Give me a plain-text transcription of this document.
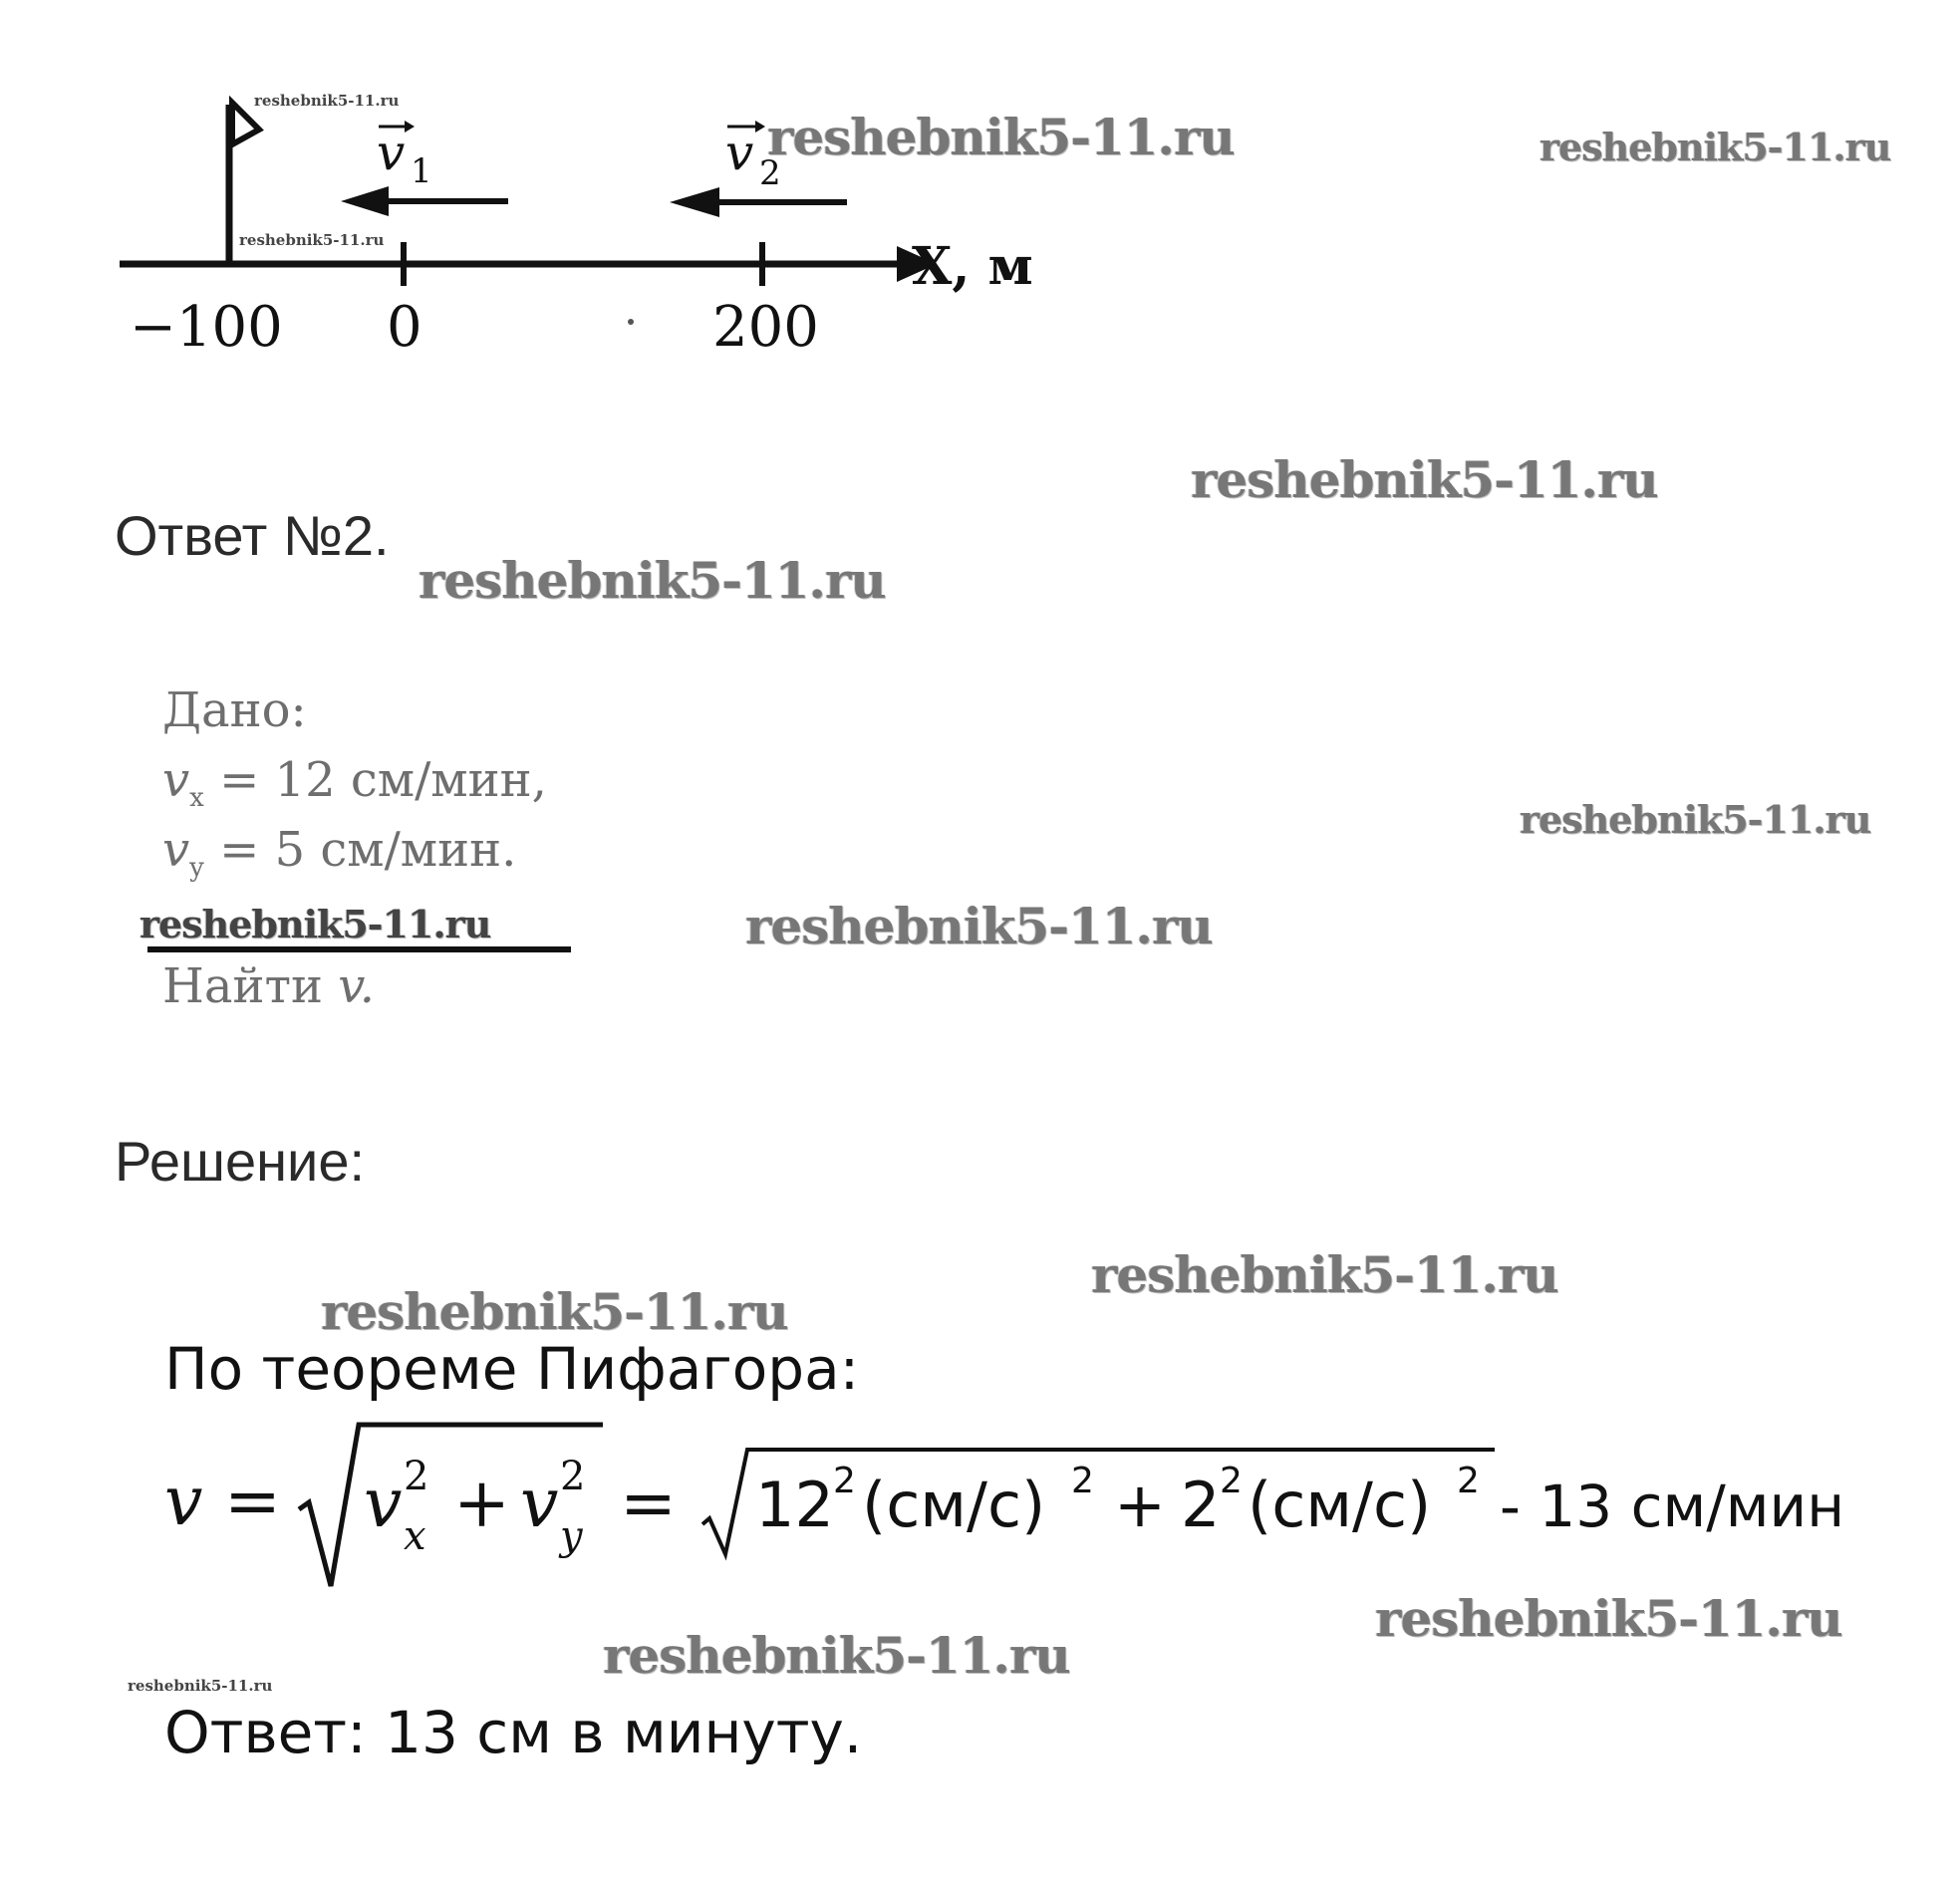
v 1	v 2
X, м
−100 0	200
Ответ №2.
Дано:
$v_x = 12$ см/мин,
$v_y = 5$ см/мин.
Найти v.
Решение:
По теореме Пифагора:
v = v 2
x + v 2
y = 12 2 (см/с) 2 + 2 2 (см/с) 2 - 13 см/мин
Ответ: 13 см в минуту.
reshebnik5-11.ru
reshebnik5-11.ru
reshebnik5-11.ru	reshebnik5-11.ru
reshebnik5-11.ru
reshebnik5-11.ru
reshebnik5-11.ru
reshebnik5-11.ru	reshebnik5-11.ru
reshebnik5-11.ru
reshebnik5-11.ru
reshebnik5-11.ru
reshebnik5-11.ru
reshebnik5-11.ru
